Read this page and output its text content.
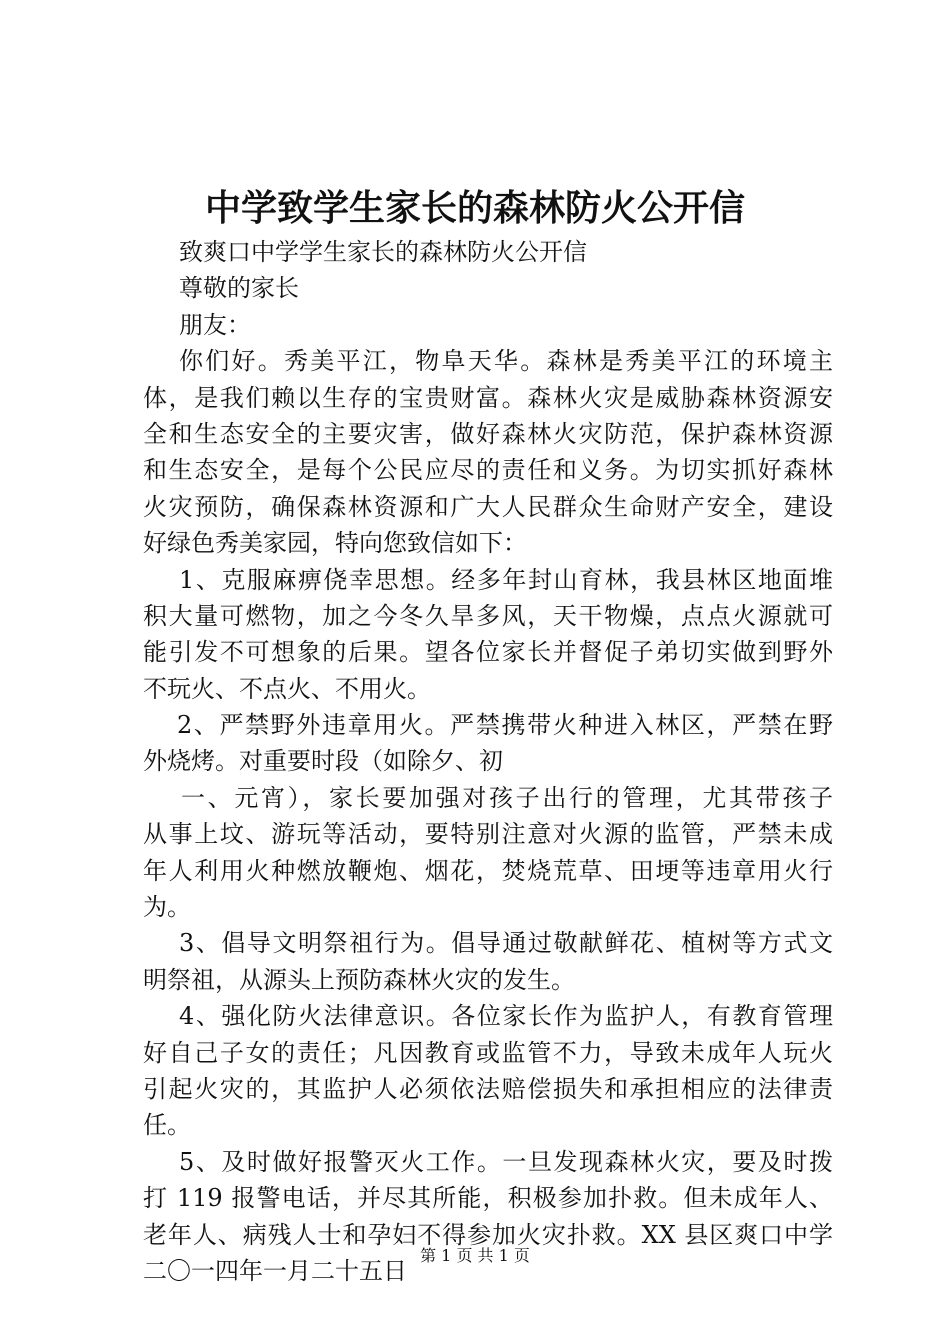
中学致学生家长的森林防火公开信
致爽口中学学生家长的森林防火公开信
尊敬的家长
朋友：
你们好。秀美平江，物阜天华。森林是秀美平江的环境主
体，是我们赖以生存的宝贵财富。森林火灾是威胁森林资源安
全和生态安全的主要灾害，做好森林火灾防范，保护森林资源
和生态安全，是每个公民应尽的责任和义务。为切实抓好森林
火灾预防，确保森林资源和广大人民群众生命财产安全，建设
好绿色秀美家园，特向您致信如下：
1、克服麻痹侥幸思想。经多年封山育林，我县林区地面堆
积大量可燃物，加之今冬久旱多风，天干物燥，点点火源就可
能引发不可想象的后果。望各位家长并督促子弟切实做到野外
不玩火、不点火、不用火。
2、严禁野外违章用火。严禁携带火种进入林区，严禁在野
外烧烤。对重要时段（如除夕、初
一、元宵），家长要加强对孩子出行的管理，尤其带孩子
从事上坟、游玩等活动，要特别注意对火源的监管，严禁未成
年人利用火种燃放鞭炮、烟花，焚烧荒草、田埂等违章用火行
为。
3、倡导文明祭祖行为。倡导通过敬献鲜花、植树等方式文
明祭祖，从源头上预防森林火灾的发生。
4、强化防火法律意识。各位家长作为监护人，有教育管理
好自己子女的责任；凡因教育或监管不力，导致未成年人玩火
引起火灾的，其监护人必须依法赔偿损失和承担相应的法律责
任。
5、及时做好报警灭火工作。一旦发现森林火灾，要及时拨
打 119 报警电话，并尽其所能，积极参加扑救。但未成年人、
老年人、病残人士和孕妇不得参加火灾扑救。XX 县区爽口中学
二〇一四年一月二十五日
第 1 页 共 1 页
